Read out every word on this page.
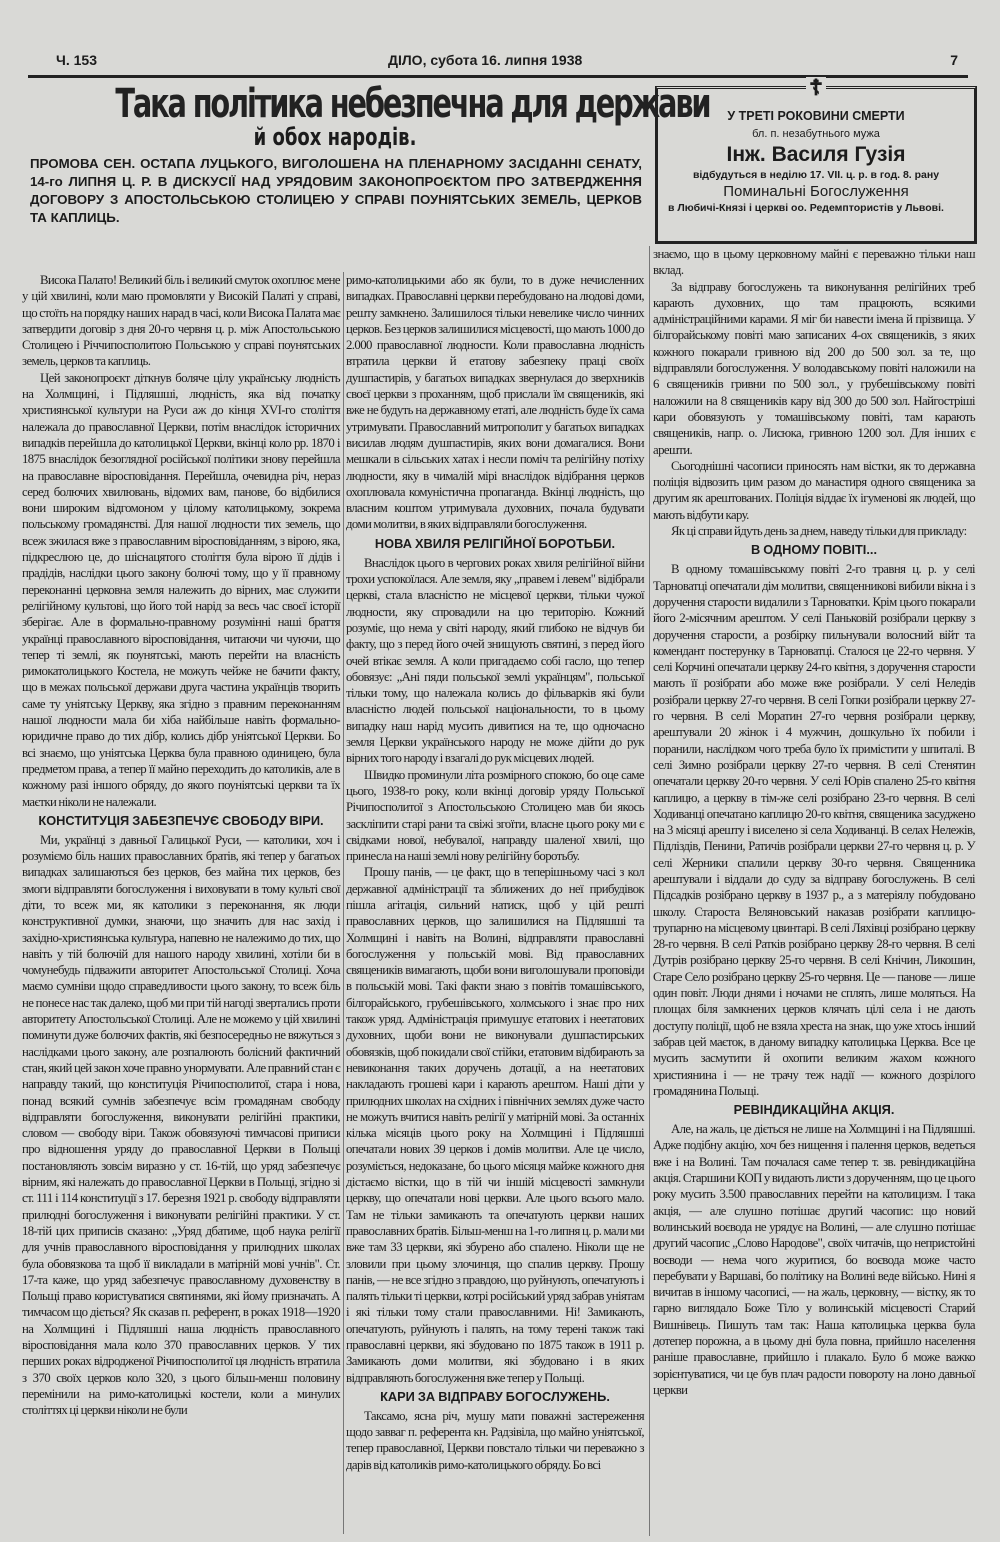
Ч. 153	ДІЛО, субота 16. липня 1938	7
Така політика небезпечна для держави
й обох народів.
ПРОМОВА СЕН. ОСТАПА ЛУЦЬКОГО, ВИГОЛОШЕНА НА ПЛЕНАРНОМУ ЗАСІДАННІ СЕНАТУ, 14-го ЛИПНЯ Ц. Р. В ДИСКУСІЇ НАД УРЯДОВИМ ЗАКОНОПРОЄКТОМ ПРО ЗАТВЕРДЖЕННЯ ДОГОВОРУ З АПОСТОЛЬСЬКОЮ СТОЛИЦЕЮ У СПРАВІ ПОУНІЯТСЬКИХ ЗЕМЕЛЬ, ЦЕРКОВ ТА КАПЛИЦЬ.
☦
У ТРЕТІ РОКОВИНИ СМЕРТИ
бл. п. незабутнього мужа
Інж. Василя Гузія
відбудуться в неділю 17. VII. ц. р. в год. 8. рану
Поминальні Богослуження
в Любичі-Князі і церкві оо. Редемптористів у Львові.

Висока Палато! Великий біль і великий смуток охоплює мене у цій хвилині, коли маю промовляти у Високій Палаті у справі, що стоїть на порядку наших нарад в часі, коли Висока Палата має затвердити договір з дня 20-го червня ц. р. між Апостольською Столицею і Річчипосполитою Польською у справі поунятських земель, церков та каплиць.

Цей законопроєкт діткнув боляче цілу українську людність на Холмщині, і Підляшші, людність, яка від початку християнської культури на Руси аж до кінця XVI-го століття належала до православної Церкви, потім внаслідок історичних випадків перейшла до католицької Церкви, вкінці коло рр. 1870 і 1875 внаслідок безоглядної російської політики знову перейшла на православне віросповідання. Перейшла, очевидна річ, нераз серед болючих хвилювань, відомих вам, панове, бо відбилися вони широким відгомоном у цілому католицькому, зокрема польському громадянстві. Для нашої людности тих земель, що всеж зжилася вже з православним віросповіданням, з вірою, яка, підкреслюю це, до шіснацятого століття була вірою її дідів і прадідів, наслідки цього закону болючі тому, що у її правному переконанні церковна земля належить до вірних, має служити релігійному культові, що його той нарід за весь час своєї історії зберігає. Але в формально-правному розумінні наші браття українці православного віросповідання, читаючи чи чуючи, що тепер ті землі, як поунятські, мають перейти на власність римокатолицького Костела, не можуть чейже не бачити факту, що в межах польської держави друга частина українців творить саме ту уніятську Церкву, яка згідно з правним переконанням нашої людности мала би хіба найбільше навіть формально-юридичне право до тих дібр, колись дібр уніятської Церкви. Бо всі знаємо, що уніятська Церква була правною одиницею, була предметом права, а тепер її майно переходить до католиків, але в кожному разі іншого обряду, до якого поуніятські церкви та їх маєтки ніколи не належали.

КОНСТИТУЦІЯ ЗАБЕЗПЕЧУЄ СВОБОДУ ВІРИ.

Ми, українці з давньої Галицької Руси, — католики, хоч і розуміємо біль наших православних братів, які тепер у багатьох випадках залишаються без церков, без майна тих церков, без змоги відправляти богослуження і виховувати в тому культі свої діти, то всеж ми, як католики з переконання, як люди конструктивної думки, знаючи, що значить для нас захід і західно-християнська культура, напевно не належимо до тих, що навіть у тій болючій для нашого народу хвилині, хотіли би в чомунебудь підважити авторитет Апостольської Столиці. Хоча маємо сумніви щодо справедливости цього закону, то всеж біль не понесе нас так далеко, щоб ми при тій нагоді звертались проти авторитету Апостольської Столиці. Але не можемо у цій хвилині поминути дуже болючих фактів, які безпосередньо не вяжуться з наслідками цього закону, але розпалюють болісний фактичний стан, який цей закон хоче правно унормувати. Але правний стан є направду такий, що конституція Річипосполитої, стара і нова, понад всякий сумнів забезпечує всім громадянам свободу відправляти богослуження, виконувати релігійні практики, словом — свободу віри. Також обовязуючі тимчасові приписи про відношення уряду до православної Церкви в Польщі постановляють зовсім виразно у ст. 16-тій, що уряд забезпечує вірним, які належать до православної Церкви в Польщі, згідно зі ст. 111 і 114 конституції з 17. березня 1921 р. свободу відправляти прилюдні богослуження і виконувати релігійні практики. У ст. 18-тій цих приписів сказано: „Уряд дбатиме, щоб наука релігії для учнів православного віросповідання у прилюдних школах була обовязкова та щоб її викладали в матірній мові учнів". Ст. 17-та каже, що уряд забезпечує православному духовенству в Польщі право користуватися святинями, які йому призначать. А тимчасом що діється? Як сказав п. референт, в роках 1918—1920 на Холмщині і Підляшші наша людність православного віросповідання мала коло 370 православних церков. У тих перших роках відродженої Річипосполитої ця людність втратила з 370 своїх церков коло 320, з цього більш-менш половину перемінили на римо-католицькі костели, коли а минулих століттях ці церкви ніколи не були

римо-католицькими або як були, то в дуже нечисленних випадках. Православні церкви перебудовано на людові доми, решту замкнено. Залишилося тільки невелике число чинних церков. Без церков залишилися місцевості, що мають 1000 до 2.000 православної людности. Коли православна людність втратила церкви й етатову забезпеку праці своїх душпастирів, у багатьох випадках звернулася до зверхників своєї церкви з проханням, щоб прислали їм священиків, які вже не будуть на державному етаті, але людність буде їх сама утримувати. Православний митрополит у багатьох випадках висилав людям душпастирів, яких вони домагалися. Вони мешкали в сільських хатах і несли поміч та релігійну потіху людности, яку в чималій мірі внаслідок відібрання церков охоплювала комуністична пропаганда. Вкінці людність, що власним коштом утримувала духовних, почала будувати доми молитви, в яких відправляли богослуження.

НОВА ХВИЛЯ РЕЛІГІЙНОЇ БОРОТЬБИ.

Внаслідок цього в чергових роках хвиля релігійної війни трохи успокоїлася. Але земля, яку „правем і левем" відібрали церкві, стала власністю не місцевої церкви, тільки чужої людности, яку спровадили на цю територію. Кожний розуміє, що нема у світі народу, який глибоко не відчув би факту, що з перед його очей знищують святині, з перед його очей втікає земля. А коли пригадаємо собі гасло, що тепер обовязує: „Ані пяди польської землі українцям", польської тільки тому, що належала колись до фільварків які були власністю людей польської національности, то в цьому випадку наш нарід мусить дивитися на те, що одночасно земля Церкви українського народу не може дійти до рук вірних того народу і взагалі до рук місцевих людей.

Швидко проминули літа розмірного спокою, бо оце саме цього, 1938-го року, коли вкінці договір уряду Польської Річипосполитої з Апостольською Столицею мав би якось заскліпити старі рани та свіжі згоїти, власне цього року ми є свідками нової, небувалої, направду шаленої хвилі, що принесла на наші землі нову релігійну боротьбу.

Прошу панів, — це факт, що в теперішньому часі з кол державної адміністрації та зближених до неї прибудівок пішла агітація, сильний натиск, щоб у цій решті православних церков, що залишилися на Підляшші та Холмщині і навіть на Волині, відправляти православні богослуження у польській мові. Від православних священиків вимагають, щоби вони виголошували проповіди в польській мові. Такі факти знаю з повітів томашівського, білгорайського, грубешівського, холмського і знає про них також уряд. Адміністрація примушує етатових і неетатових духовних, щоби вони не виконували душпастирських обовязків, щоб покидали свої стійки, етатовим відбирають за невиконання таких доручень дотації, а на неетатових накладають грошеві кари і карають арештом. Наші діти у прилюдних школах на східних і північних землях дуже часто не можуть вчитися навіть релігії у матірній мові. За останніх кілька місяців цього року на Холмщині і Підляшші опечатали нових 39 церков і домів молитви. Але це число, розуміється, недоказане, бо цього місяця майже кожного дня дістаємо вістки, що в тій чи іншій місцевості замкнули церкву, що опечатали нові церкви. Але цього всього мало. Там не тільки замикають та опечатують церкви наших православних братів. Більш-менш на 1-го липня ц. р. мали ми вже там 33 церкви, які збурено або спалено. Ніколи ще не зловили при цьому злочинця, що спалив церкву. Прошу панів, — не все згідно з правдою, що руйнують, опечатують і палять тільки ті церкви, котрі російський уряд забрав уніятам і які тільки тому стали православними. Ні! Замикають, опечатують, руйнують і палять, на тому терені також такі православні церкви, які збудовано по 1875 також в 1911 р. Замикають доми молитви, які збудовано і в яких відправляють богослуження вже тепер у Польщі.

КАРИ ЗА ВІДПРАВУ БОГОСЛУЖЕНЬ.

Таксамо, ясна річ, мушу мати поважні застереження щодо завваг п. референта кн. Радзівіла, що майно уніятської, тепер православної, Церкви повстало тільки чи переважно з дарів від католиків римо-католицького обряду. Бо всі

знаємо, що в цьому церковному майні є переважно тільки наш вклад.

За відправу богослужень та виконування релігійних треб карають духовних, що там працюють, всякими адміністраційними карами. Я міг би навести імена й прізвища. У білгорайському повіті маю записаних 4-ох священиків, з яких кожного покарали гривною від 200 до 500 зол. за те, що відправляли богослуження. У володавському повіті наложили на 6 священиків гривни по 500 зол., у грубешівському повіті наложили на 8 священиків кару від 300 до 500 зол. Найгостріші кари обовязують у томашівському повіті, там карають священиків, напр. о. Лисюка, гривною 1200 зол. Для інших є арешти.

Сьогоднішні часописи приносять нам вістки, як то державна поліція відвозить цим разом до манастиря одного священика за другим як арештованих. Поліція віддає їх ігуменові як людей, що мають відбути кару.

Як ці справи йдуть день за днем, наведу тільки для прикладу:

В ОДНОМУ ПОВІТІ...

В одному томашівському повіті 2-го травня ц. р. у селі Тарноватці опечатали дім молитви, священникові вибили вікна і з доручення старости видалили з Тарноватки. Крім цього покарали його 2-місячним арештом. У селі Паньковій розібрали церкву з доручення старости, а розбірку пильнували волосний війт та комендант постерунку в Тарноватці. Сталося це 22-го червня. У селі Корчині опечатали церкву 24-го квітня, з доручення старости мають її розібрати або може вже розібрали. У селі Неледів розібрали церкву 27-го червня. В селі Гопки розібрали церкву 27-го червня. В селі Моратин 27-го червня розібрали церкву, арештували 20 жінок і 4 мужчин, дошкульно їх побили і поранили, наслідком чого треба було їх примістити у шпиталі. В селі Зимно розібрали церкву 27-го червня. В селі Стенятин опечатали церкву 20-го червня. У селі Юрів спалено 25-го квітня каплицю, а церкву в тім-же селі розібрано 23-го червня. В селі Ходиванці опечатано каплицю 20-го квітня, священика засуджено на 3 місяці арешту і виселено зі села Ходиванці. В селах Нележів, Підліздів, Пенини, Ратичів розібрали церкви 27-го червня ц. р. У селі Жерники спалили церкву 30-го червня. Священника арештували і віддали до суду за відправу богослужень. В селі Підсадків розібрано церкву в 1937 р., а з матеріялу побудовано школу. Староста Веляновський наказав розібрати каплицю-трупарню на місцевому цвинтарі. В селі Ляхівці розібрано церкву 28-го червня. В селі Ратків розібрано церкву 28-го червня. В селі Дутрів розібрано церкву 25-го червня. В селі Кнічин, Ликошин, Старе Село розібрано церкву 25-го червня. Це — панове — лише один повіт. Люди днями і ночами не сплять, лише моляться. На площах біля замкнених церков клячать цілі села і не дають доступу поліції, щоб не взяла хреста на знак, що уже хтось інший забрав цей маєток, в даному випадку католицька Церква. Все це мусить засмутити й охопити великим жахом кожного християнина і — не трачу теж надії — кожного дозрілого громадянина Польщі.

РЕВІНДИКАЦІЙНА АКЦІЯ.

Але, на жаль, це діється не лише на Холмщині і на Підляшші. Адже подібну акцію, хоч без нищення і палення церков, ведеться вже і на Волині. Там почалася саме тепер т. зв. ревіндикаційна акція. Старшини КОП у видають листи з дорученням, що це цього року мусить 3.500 православних перейти на католицизм. І така акція, — але слушно потішає другий часопис: що новий волинський воєвода не урядує на Волині, — але слушно потішає другий часопис „Слово Народове", своїх читачів, що непристойні воєводи — нема чого журитися, бо воєвода може часто перебувати у Варшаві, бо політику на Волині веде військо. Нині я вичитав в іншому часописі, — на жаль, церковну, — вістку, як то гарно виглядало Боже Тіло у волинській місцевості Старий Вишнівець. Пишуть там так: Наша католицька церква була дотепер порожна, а в цьому дні була повна, прийшло населення раніше православне, прийшло і плакало. Було б може важко зорієнтуватися, чи це був плач радости повороту на лоно давньої церкви
